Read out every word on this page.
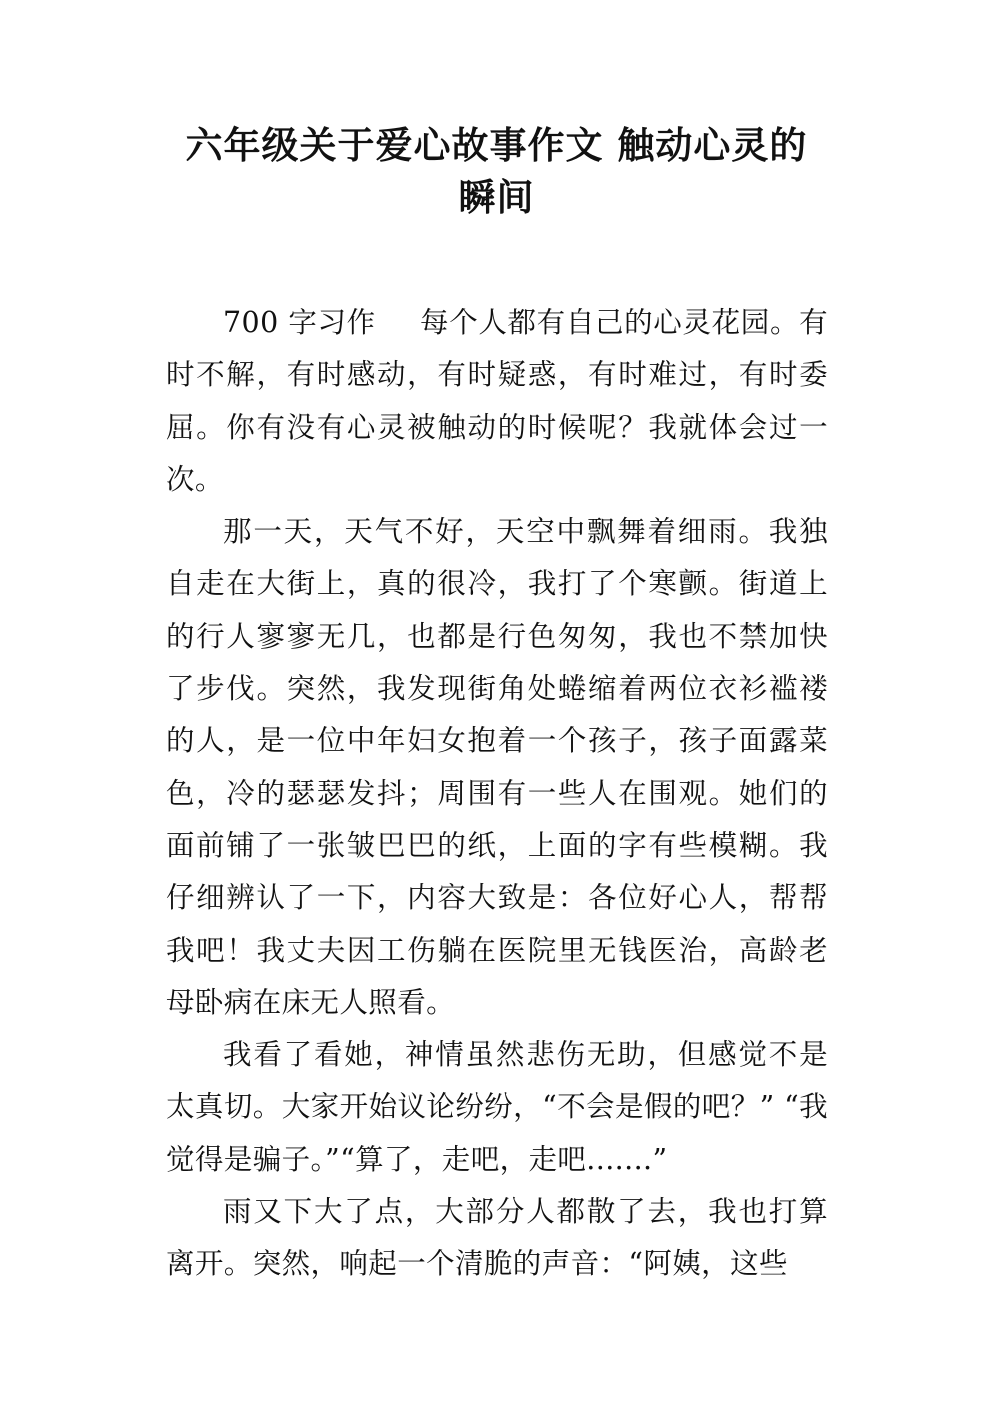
六年级关于爱心故事作文 触动心灵的
瞬间

700 字习作 每个人都有自己的心灵花园。有时不解，有时感动，有时疑惑，有时难过，有时委屈。你有没有心灵被触动的时候呢？我就体会过一次。

那一天，天气不好，天空中飘舞着细雨。我独自走在大街上，真的很冷，我打了个寒颤。街道上的行人寥寥无几，也都是行色匆匆，我也不禁加快了步伐。突然，我发现街角处蜷缩着两位衣衫褴褛的人，是一位中年妇女抱着一个孩子，孩子面露菜色，冷的瑟瑟发抖；周围有一些人在围观。她们的面前铺了一张皱巴巴的纸，上面的字有些模糊。我仔细辨认了一下，内容大致是：各位好心人，帮帮我吧！我丈夫因工伤躺在医院里无钱医治，高龄老母卧病在床无人照看。

我看了看她，神情虽然悲伤无助，但感觉不是太真切。大家开始议论纷纷，“不会是假的吧？” “我觉得是骗子。”“算了，走吧，走吧.......”

雨又下大了点，大部分人都散了去，我也打算离开。突然，响起一个清脆的声音：“阿姨，这些
